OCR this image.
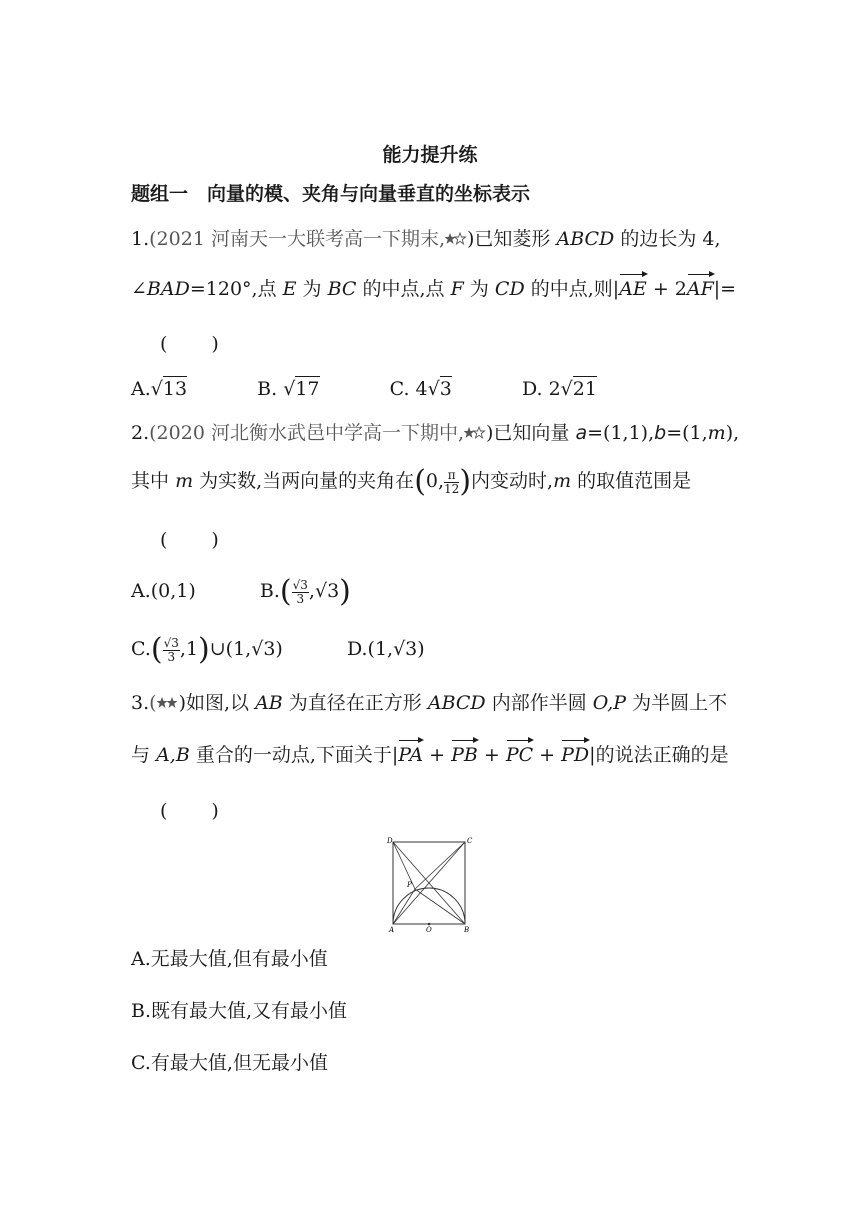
能力提升练
题组一　向量的模、夹角与向量垂直的坐标表示
1.(2021 河南天一大联考高一下期末, )已知菱形 ABCD 的边长为 4,
∠BAD=120°,点 E 为 BC 的中点,点 F 为 CD 的中点,则|AE + 2AF|=
(　　)
A.√13	B. √17	C. 4√3	D. 2√21
2.(2020 河北衡水武邑中学高一下期中, )已知向量 a=(1,1),b=(1,m),
其中 m 为实数,当两向量的夹角在(0, $\frac{\pi}{12}$ )内变动时,m 的取值范围是
(　　)
A.(0,1)	$B.( \frac{√3}{3} ,√3)$
$C.( \frac{√3}{3}$ ,1)∪(1,√3)	D.(1,√3)
3.( )如图,以 AB 为直径在正方形 ABCD 内部作半圆 O,P 为半圆上不
与 A,B 重合的一动点,下面关于|PA + PB + PC + PD|的说法正确的是
(　　)
D	C
P
A	O	B
A.无最大值,但有最小值
B.既有最大值,又有最小值
C.有最大值,但无最小值
